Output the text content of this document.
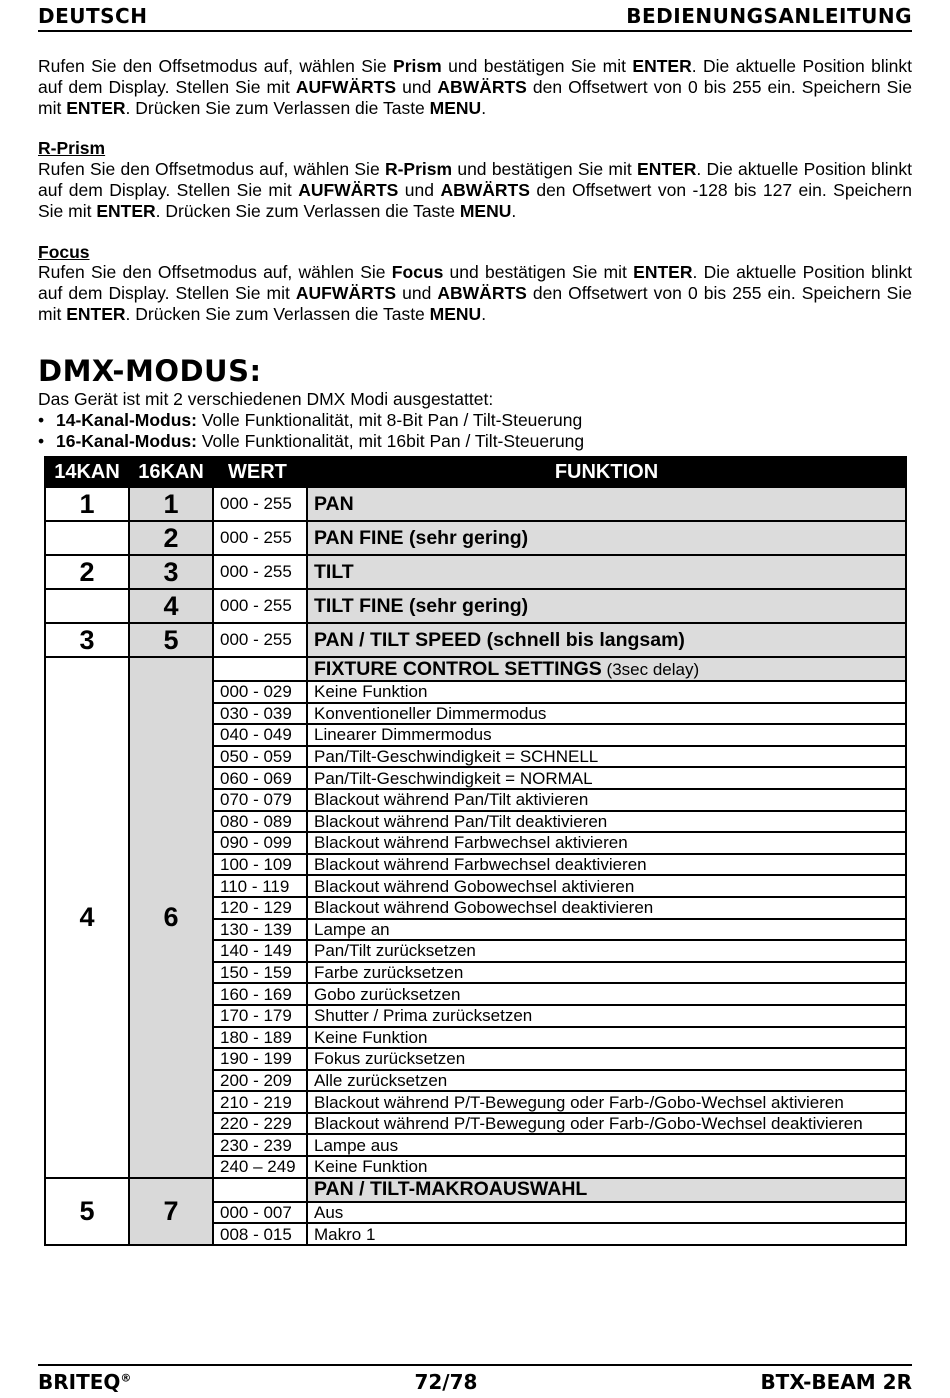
DEUTSCH	BEDIENUNGSANLEITUNG

Rufen Sie den Offsetmodus auf, wählen Sie Prism und bestätigen Sie mit ENTER. Die aktuelle Position blinkt auf dem Display. Stellen Sie mit AUFWÄRTS und ABWÄRTS den Offsetwert von 0 bis 255 ein. Speichern Sie mit ENTER. Drücken Sie zum Verlassen die Taste MENU.

R-Prism

Rufen Sie den Offsetmodus auf, wählen Sie R-Prism und bestätigen Sie mit ENTER. Die aktuelle Position blinkt auf dem Display. Stellen Sie mit AUFWÄRTS und ABWÄRTS den Offsetwert von -128 bis 127 ein. Speichern Sie mit ENTER. Drücken Sie zum Verlassen die Taste MENU.

Focus

Rufen Sie den Offsetmodus auf, wählen Sie Focus und bestätigen Sie mit ENTER. Die aktuelle Position blinkt auf dem Display. Stellen Sie mit AUFWÄRTS und ABWÄRTS den Offsetwert von 0 bis 255 ein. Speichern Sie mit ENTER. Drücken Sie zum Verlassen die Taste MENU.

DMX-MODUS:
Das Gerät ist mit 2 verschiedenen DMX Modi ausgestattet:
• 14-Kanal-Modus: Volle Funktionalität, mit 8-Bit Pan / Tilt-Steuerung
• 16-Kanal-Modus: Volle Funktionalität, mit 16bit Pan / Tilt-Steuerung
14KAN	16KAN	WERT	FUNKTION
1	1	000 - 255	PAN
	2	000 - 255	PAN FINE (sehr gering)
2	3	000 - 255	TILT
	4	000 - 255	TILT FINE (sehr gering)
3	5	000 - 255	PAN / TILT SPEED (schnell bis langsam)
4	6		FIXTURE CONTROL SETTINGS (3sec delay)
		000 - 029	Keine Funktion
		030 - 039	Konventioneller Dimmermodus
		040 - 049	Linearer Dimmermodus
		050 - 059	Pan/Tilt-Geschwindigkeit = SCHNELL
		060 - 069	Pan/Tilt-Geschwindigkeit = NORMAL
		070 - 079	Blackout während Pan/Tilt aktivieren
		080 - 089	Blackout während Pan/Tilt deaktivieren
		090 - 099	Blackout während Farbwechsel aktivieren
		100 - 109	Blackout während Farbwechsel deaktivieren
		110 - 119	Blackout während Gobowechsel aktivieren
		120 - 129	Blackout während Gobowechsel deaktivieren
		130 - 139	Lampe an
		140 - 149	Pan/Tilt zurücksetzen
		150 - 159	Farbe zurücksetzen
		160 - 169	Gobo zurücksetzen
		170 - 179	Shutter / Prima zurücksetzen
		180 - 189	Keine Funktion
		190 - 199	Fokus zurücksetzen
		200 - 209	Alle zurücksetzen
		210 - 219	Blackout während P/T-Bewegung oder Farb-/Gobo-Wechsel aktivieren
		220 - 229	Blackout während P/T-Bewegung oder Farb-/Gobo-Wechsel deaktivieren
		230 - 239	Lampe aus
		240 – 249	Keine Funktion
5	7		PAN / TILT-MAKROAUSWAHL
		000 - 007	Aus
		008 - 015	Makro 1
BRITEQ®	72/78	BTX-BEAM 2R
